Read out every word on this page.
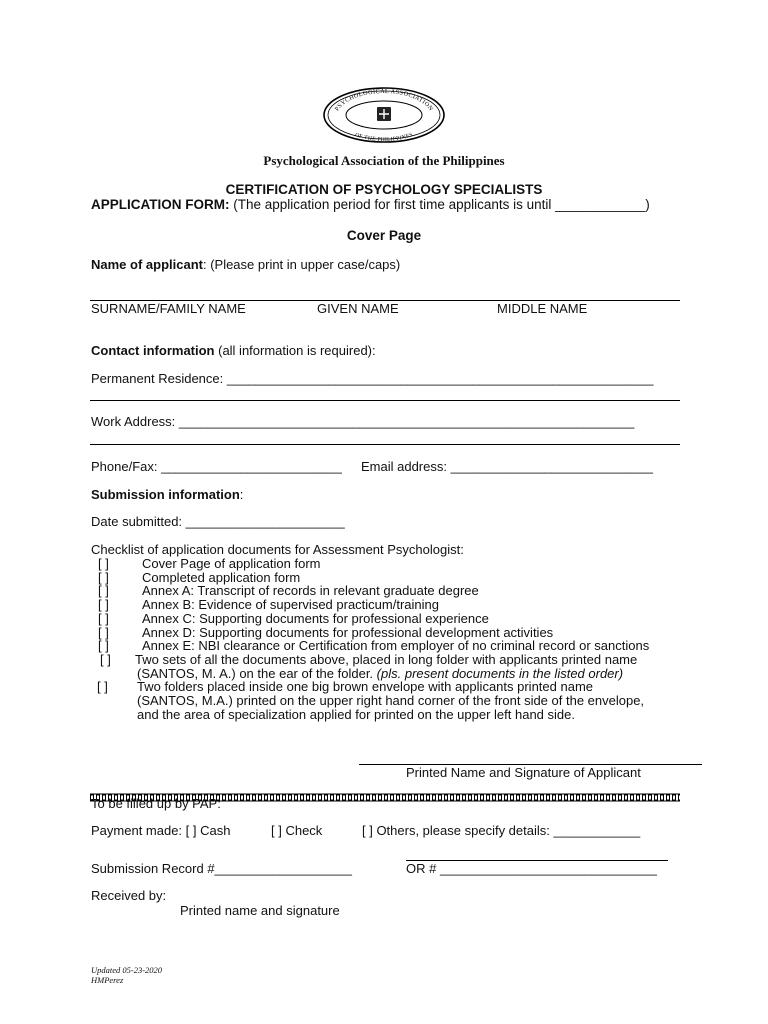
PSYCHOLOGICAL ASSOCIATION
OF THE PHILIPPINES
Psychological Association of the Philippines
CERTIFICATION OF PSYCHOLOGY SPECIALISTS
APPLICATION FORM: (The application period for first time applicants is until ____________)
Cover Page
Name of applicant: (Please print in upper case/caps)
SURNAME/FAMILY NAME	GIVEN NAME	MIDDLE NAME
Contact information (all information is required):
Permanent Residence: ___________________________________________________________
Work Address: _______________________________________________________________
Phone/Fax: _________________________ Email address: ____________________________
Submission information:
Date submitted: ______________________
Checklist of application documents for Assessment Psychologist:
[ ]	Cover Page of application form
[ ]	Completed application form
[ ]	Annex A: Transcript of records in relevant graduate degree
[ ]	Annex B: Evidence of supervised practicum/training
[ ]	Annex C: Supporting documents for professional experience
[ ]	Annex D: Supporting documents for professional development activities
[ ]	Annex E: NBI clearance or Certification from employer of no criminal record or sanctions
[ ] Two sets of all the documents above, placed in long folder with applicants printed name
(SANTOS, M. A.) on the ear of the folder. (pls. present documents in the listed order)
[ ] Two folders placed inside one big brown envelope with applicants printed name
(SANTOS, M.A.) printed on the upper right hand corner of the front side of the envelope,
and the area of specialization applied for printed on the upper left hand side.
Printed Name and Signature of Applicant
To be filled up by PAP:
Payment made: [ ] Cash	[ ] Check	[ ] Others, please specify details: ____________
Submission Record #___________________	OR # ______________________________
Received by:
Printed name and signature
Updated 05-23-2020
HMPerez
